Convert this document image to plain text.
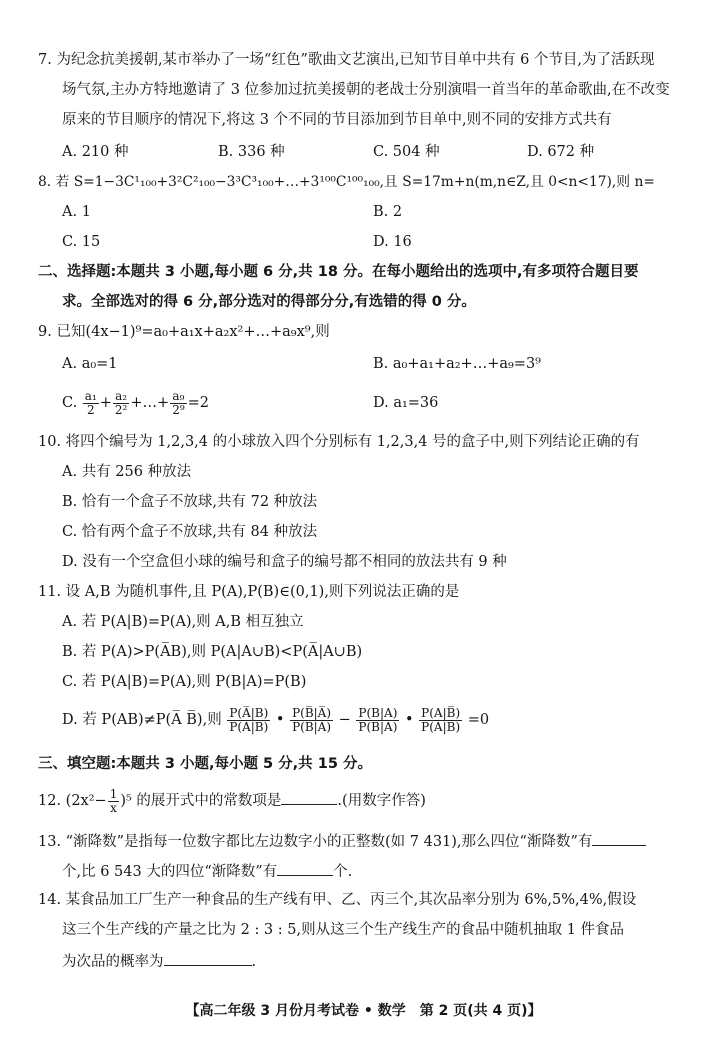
7. 为纪念抗美援朝,某市举办了一场“红色”歌曲文艺演出,已知节目单中共有 6 个节目,为了活跃现
场气氛,主办方特地邀请了 3 位参加过抗美援朝的老战士分别演唱一首当年的革命歌曲,在不改变
原来的节目顺序的情况下,将这 3 个不同的节目添加到节目单中,则不同的安排方式共有
A. 210 种	B. 336 种	C. 504 种	D. 672 种
8. 若 S=1−3C¹₁₀₀+3²C²₁₀₀−3³C³₁₀₀+…+3¹⁰⁰C¹⁰⁰₁₀₀,且 S=17m+n(m,n∈Z,且 0<n<17),则 n=
A. 1	B. 2
C. 15	D. 16
二、选择题:本题共 3 小题,每小题 6 分,共 18 分。在每小题给出的选项中,有多项符合题目要
求。全部选对的得 6 分,部分选对的得部分分,有选错的得 0 分。
9. 已知(4x−1)⁹=a₀+a₁x+a₂x²+…+a₉x⁹,则
A. a₀=1	B. a₀+a₁+a₂+…+a₉=3⁹
C. $\frac{\text{a₁}}{2} + \frac{\text{a₂}}{\text{2²}}$ +…+ $\frac{\text{a₉}}{\text{2⁹}} =2$	D. a₁=36
10. 将四个编号为 1,2,3,4 的小球放入四个分别标有 1,2,3,4 号的盒子中,则下列结论正确的有
A. 共有 256 种放法
B. 恰有一个盒子不放球,共有 72 种放法
C. 恰有两个盒子不放球,共有 84 种放法
D. 没有一个空盒但小球的编号和盒子的编号都不相同的放法共有 9 种
11. 设 A,B 为随机事件,且 P(A),P(B)∈(0,1),则下列说法正确的是
A. 若 P(A|B)=P(A),则 A,B 相互独立
B. 若 P(A)>P(A̅B),则 P(A|A∪B)<P(A̅|A∪B)
C. 若 P(A|B)=P(A),则 P(B|A)=P(B)
D. 若 P(AB)≠P(A̅ B̅),则 $\frac{P(A̅|B)}{P(A|B)}$ • $\frac{P(B̅|A̅)}{P(B|A̅)} - \frac{P(B|A)}{P(B̅|A)}$ • $\frac{P(A|B̅)}{P(A̅|B̅)} =0$
三、填空题:本题共 3 小题,每小题 5 分,共 15 分。
12. $(2x^2- \frac{1}{x} )^5$ 的展开式中的常数项是	.(用数字作答)
13. “渐降数”是指每一位数字都比左边数字小的正整数(如 7 431),那么四位“渐降数”有
个,比 6 543 大的四位“渐降数”有	个.
14. 某食品加工厂生产一种食品的生产线有甲、乙、丙三个,其次品率分别为 6%,5%,4%,假设
这三个生产线的产量之比为 2 : 3 : 5,则从这三个生产线生产的食品中随机抽取 1 件食品
为次品的概率为	.
【高二年级 3 月份月考试卷 • 数学　第 2 页(共 4 页)】
